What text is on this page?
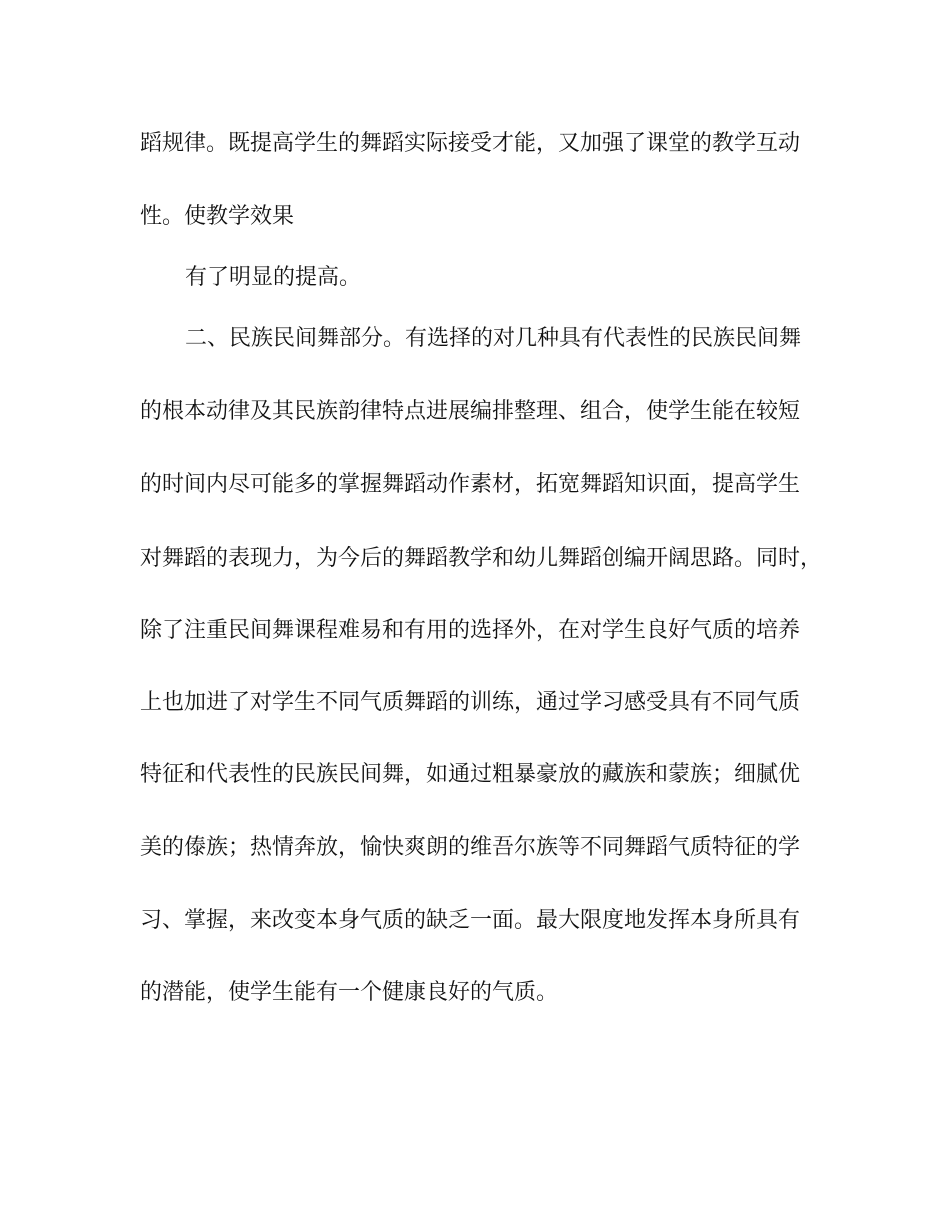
蹈规律。既提高学生的舞蹈实际接受才能，又加强了课堂的教学互动

性。使教学效果

有了明显的提高。

二、民族民间舞部分。有选择的对几种具有代表性的民族民间舞

的根本动律及其民族韵律特点进展编排整理、组合，使学生能在较短

的时间内尽可能多的掌握舞蹈动作素材，拓宽舞蹈知识面，提高学生

对舞蹈的表现力，为今后的舞蹈教学和幼儿舞蹈创编开阔思路。同时，

除了注重民间舞课程难易和有用的选择外，在对学生良好气质的培养

上也加进了对学生不同气质舞蹈的训练，通过学习感受具有不同气质

特征和代表性的民族民间舞，如通过粗暴豪放的藏族和蒙族；细腻优

美的傣族；热情奔放，愉快爽朗的维吾尔族等不同舞蹈气质特征的学

习、掌握，来改变本身气质的缺乏一面。最大限度地发挥本身所具有

的潜能，使学生能有一个健康良好的气质。
